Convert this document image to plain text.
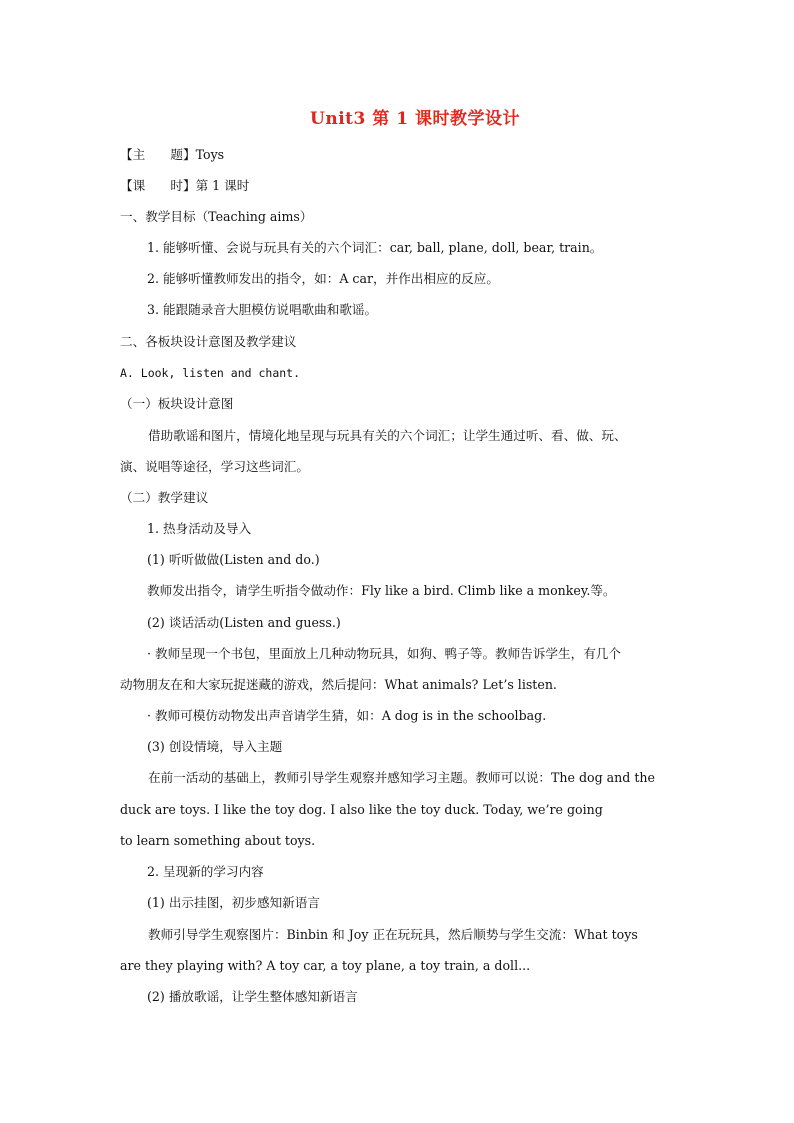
Unit3 第 1 课时教学设计
【主　　题】Toys
【课　　时】第 1 课时
一、教学目标（Teaching aims）
1. 能够听懂、会说与玩具有关的六个词汇：car, ball, plane, doll, bear, train。
2. 能够听懂教师发出的指令，如：A car，并作出相应的反应。
3. 能跟随录音大胆模仿说唱歌曲和歌谣。
二、各板块设计意图及教学建议
A. Look, listen and chant.
（一）板块设计意图
借助歌谣和图片，情境化地呈现与玩具有关的六个词汇；让学生通过听、看、做、玩、
演、说唱等途径，学习这些词汇。
（二）教学建议
1. 热身活动及导入
(1) 听听做做(Listen and do.)
教师发出指令，请学生听指令做动作：Fly like a bird. Climb like a monkey.等。
(2) 谈话活动(Listen and guess.)
· 教师呈现一个书包，里面放上几种动物玩具，如狗、鸭子等。教师告诉学生，有几个
动物朋友在和大家玩捉迷藏的游戏，然后提问：What animals? Let’s listen.
· 教师可模仿动物发出声音请学生猜，如：A dog is in the schoolbag.
(3) 创设情境，导入主题
在前一活动的基础上，教师引导学生观察并感知学习主题。教师可以说：The dog and the
duck are toys. I like the toy dog. I also like the toy duck. Today, we’re going
to learn something about toys.
2. 呈现新的学习内容
(1) 出示挂图，初步感知新语言
教师引导学生观察图片：Binbin 和 Joy 正在玩玩具，然后顺势与学生交流：What toys
are they playing with? A toy car, a toy plane, a toy train, a doll...
(2) 播放歌谣，让学生整体感知新语言
